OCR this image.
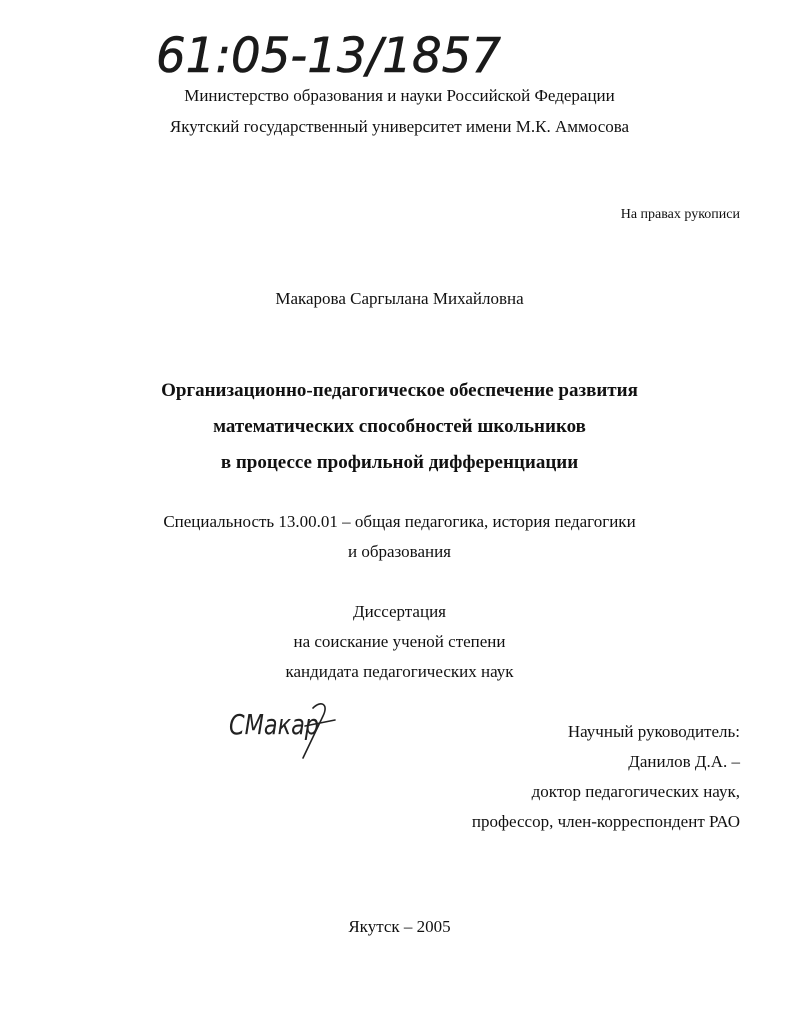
61:05-13/1857
Министерство образования и науки Российской Федерации
Якутский государственный университет имени М.К. Аммосова
На правах рукописи
Макарова Саргылана Михайловна
Организационно-педагогическое обеспечение развития
математических способностей школьников
в процессе профильной дифференциации
Специальность 13.00.01 – общая педагогика, история педагогики
и образования
Диссертация
на соискание ученой степени
кандидата педагогических наук
СМакар	Научный руководитель:
Данилов Д.А. –
доктор педагогических наук,
профессор, член-корреспондент РАО
Якутск – 2005
